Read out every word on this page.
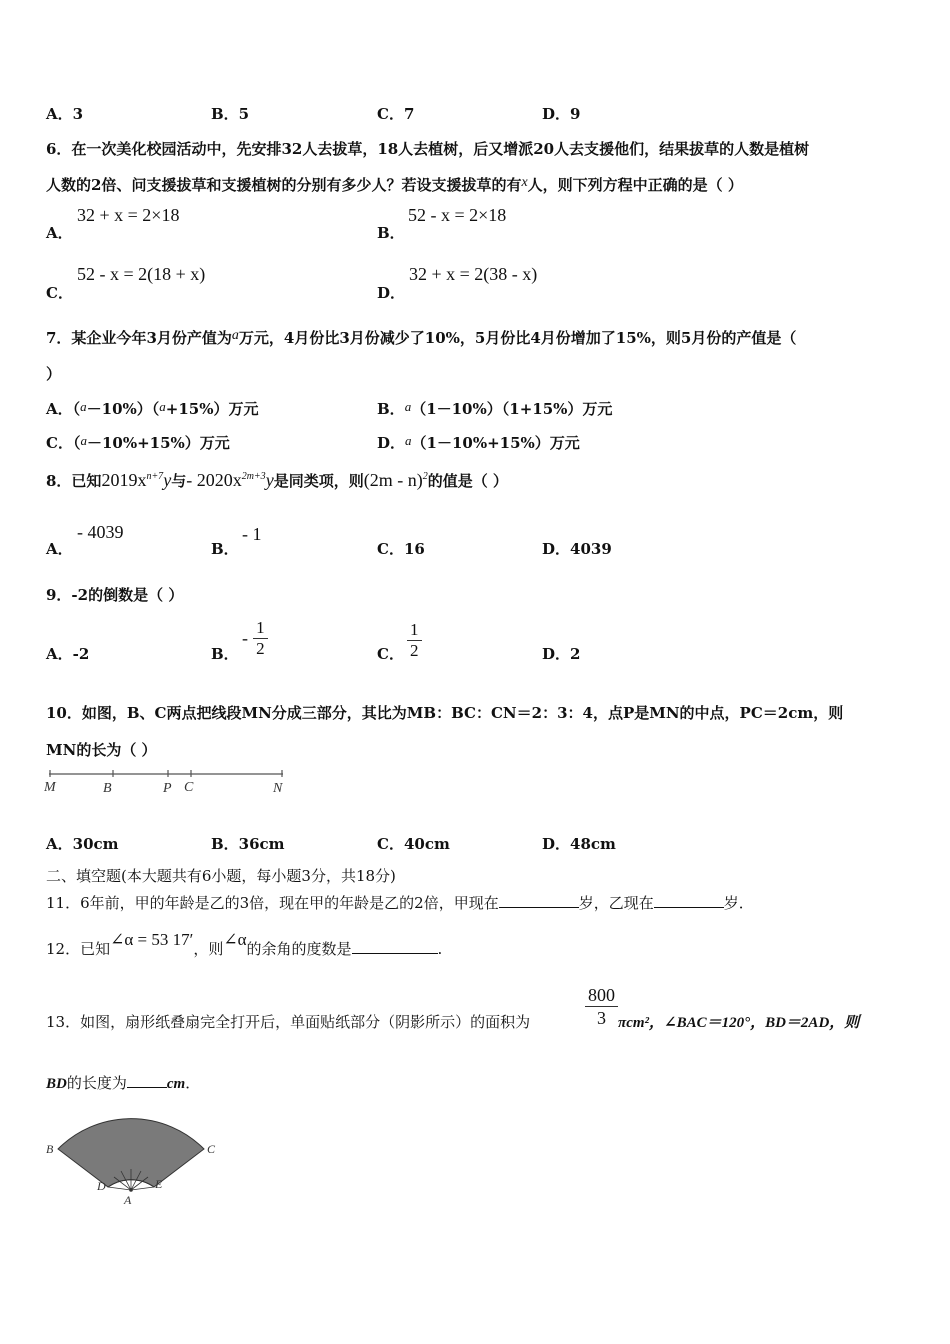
A．3	B．5	C．7	D．9
6．在一次美化校园活动中，先安排32人去拔草，18人去植树，后又增派20人去支援他们，结果拔草的人数是植树
人数的2倍、问支援拔草和支援植树的分别有多少人？若设支援拔草的有x人，则下列方程中正确的是（ ）
A．
32 + x = 2×18
B．
52 - x = 2×18
C．
52 - x = 2(18 + x)
D．
32 + x = 2(38 - x)
7．某企业今年3月份产值为a万元，4月份比3月份减少了10%，5月份比4月份增加了15%，则5月份的产值是（
）
A．（a－10%）（a+15%）万元	B．a（1－10%）（1+15%）万元
C．（a－10%+15%）万元	D．a（1－10%+15%）万元
8．已知$2019x^{n+7}y$与- $2020x^{2m+3}y$是同类项，则(2m - n)$^2$的值是（ ）
A．
- 4039
B．
- 1
C．16	D．4039
9．-2的倒数是（ ）
A．-2	B．
- $\frac{1}{2}$	C． $\frac{1}{2}$	D．2
10．如图，B、C两点把线段MN分成三部分，其比为MB：BC：CN＝2：3：4，点P是MN的中点，PC＝2cm，则
MN的长为（ ）
M	B	P C	N
A．30cm	B．36cm	C．40cm	D．48cm
二、填空题(本大题共有6小题，每小题3分，共18分)
11．6年前，甲的年龄是乙的3倍，现在甲的年龄是乙的2倍，甲现在	岁，乙现在	岁．
12．已知∠α = 53 17′，则∠α的余角的度数是	.
13．如图，扇形纸叠扇完全打开后，单面贴纸部分（阴影所示）的面积为	$\frac{800}{3} \pi cm^2$，∠BAC＝120°，BD＝2AD，则
BD的长度为	cm．
B	C
D	E
A
